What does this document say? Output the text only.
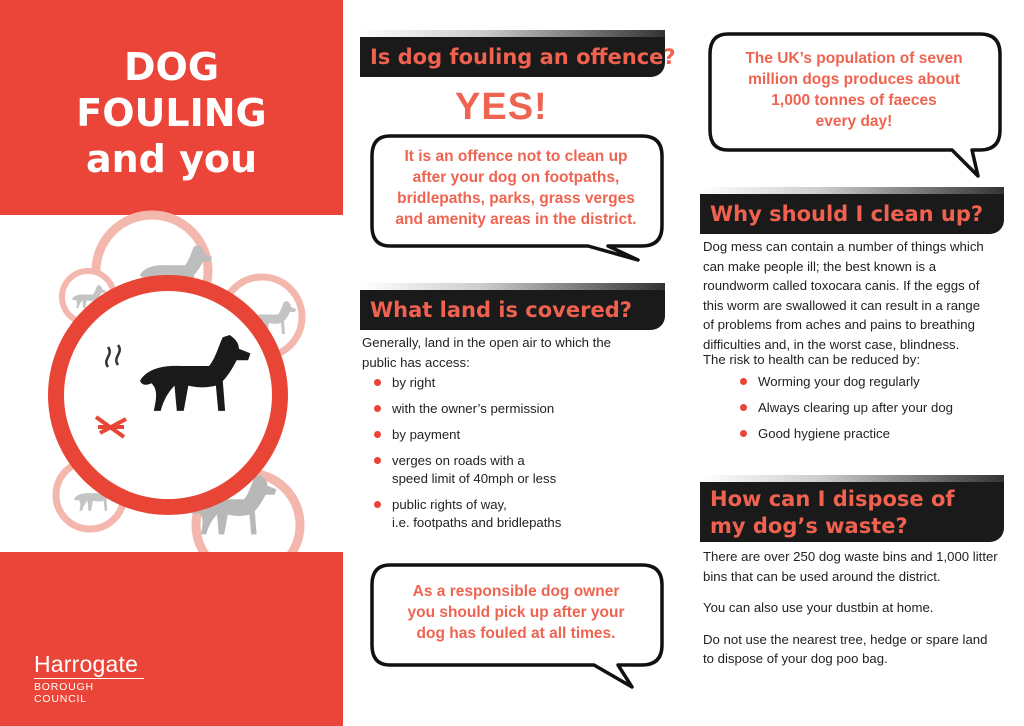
DOG
FOULING
and you
Harrogate
BOROUGH COUNCIL
Is dog fouling an offence?
YES!
It is an offence not to clean up
after your dog on footpaths,
bridlepaths, parks, grass verges
and amenity areas in the district.
What land is covered?
Generally, land in the open air to which the public has access:
by right
with the owner’s permission
by payment
verges on roads with a
speed limit of 40mph or less
public rights of way,
i.e. footpaths and bridlepaths
As a responsible dog owner
you should pick up after your
dog has fouled at all times.
The UK’s population of seven
million dogs produces about
1,000 tonnes of faeces
every day!
Why should I clean up?
Dog mess can contain a number of things which can make people ill; the best known is a roundworm called toxocara canis. If the eggs of this worm are swallowed it can result in a range of problems from aches and pains to breathing difficulties and, in the worst case, blindness.
The risk to health can be reduced by:
Worming your dog regularly
Always clearing up after your dog
Good hygiene practice
How can I dispose of
my dog’s waste?

There are over 250 dog waste bins and 1,000 litter bins that can be used around the district.

You can also use your dustbin at home.

Do not use the nearest tree, hedge or spare land to dispose of your dog poo bag.
